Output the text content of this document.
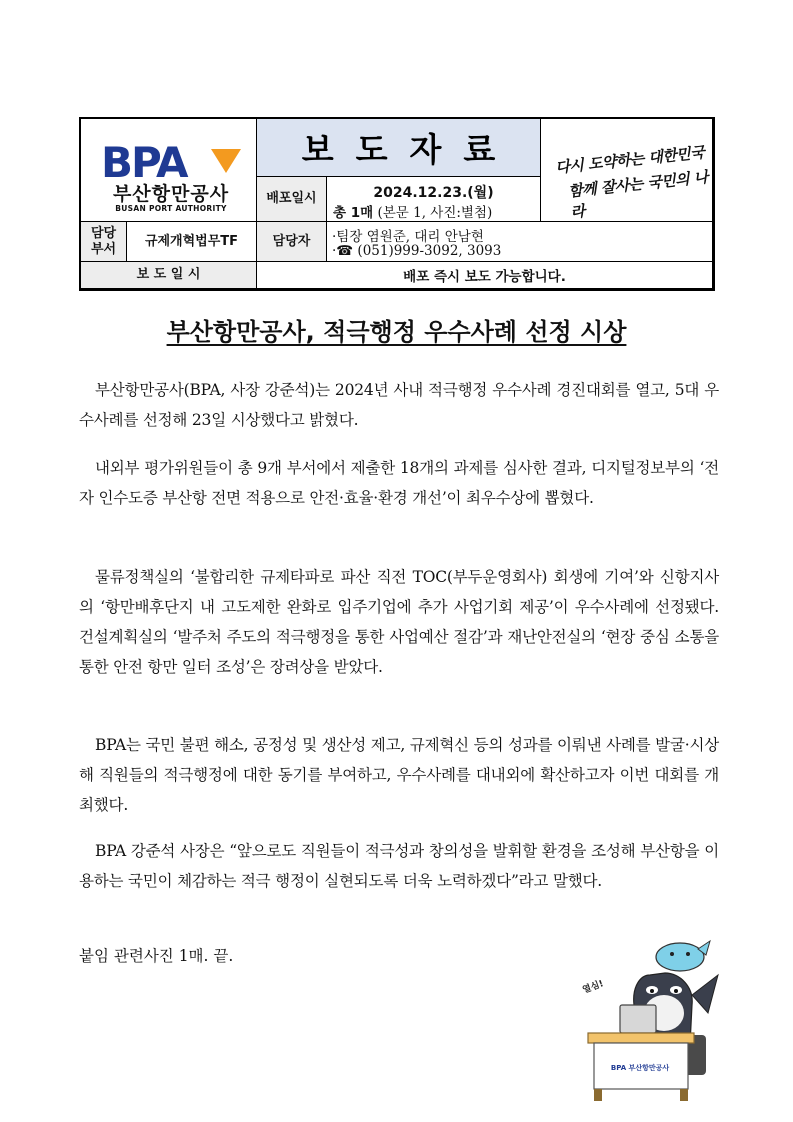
BPA
부산항만공사
BUSAN PORT AUTHORITY
보도자료	다시 도약하는 대한민국
함께 잘사는 국민의 나라
배포일시	2024.12.23.(월)
총 1매 (본문 1, 사진:별첨)
담당
부서
규제개혁법무TF	담당자	·팀장 염원준, 대리 안남현
·☎ (051)999-3092, 3093
보 도 일 시	배포 즉시 보도 가능합니다.
부산항만공사, 적극행정 우수사례 선정 시상

부산항만공사(BPA, 사장 강준석)는 2024년 사내 적극행정 우수사례 경진대회를 열고, 5대 우수사례를 선정해 23일 시상했다고 밝혔다.

내외부 평가위원들이 총 9개 부서에서 제출한 18개의 과제를 심사한 결과, 디지털정보부의 ‘전자 인수도증 부산항 전면 적용으로 안전·효율·환경 개선’이 최우수상에 뽑혔다.

물류정책실의 ‘불합리한 규제타파로 파산 직전 TOC(부두운영회사) 회생에 기여’와 신항지사의 ‘항만배후단지 내 고도제한 완화로 입주기업에 추가 사업기회 제공’이 우수사례에 선정됐다. 건설계획실의 ‘발주처 주도의 적극행정을 통한 사업예산 절감’과 재난안전실의 ‘현장 중심 소통을 통한 안전 항만 일터 조성’은 장려상을 받았다.

BPA는 국민 불편 해소, 공정성 및 생산성 제고, 규제혁신 등의 성과를 이뤄낸 사례를 발굴·시상해 직원들의 적극행정에 대한 동기를 부여하고, 우수사례를 대내외에 확산하고자 이번 대회를 개최했다.

BPA 강준석 사장은 “앞으로도 직원들이 적극성과 창의성을 발휘할 환경을 조성해 부산항을 이용하는 국민이 체감하는 적극 행정이 실현되도록 더욱 노력하겠다”라고 말했다.

붙임 관련사진 1매. 끝.

열심!
BPA 부산항만공사
